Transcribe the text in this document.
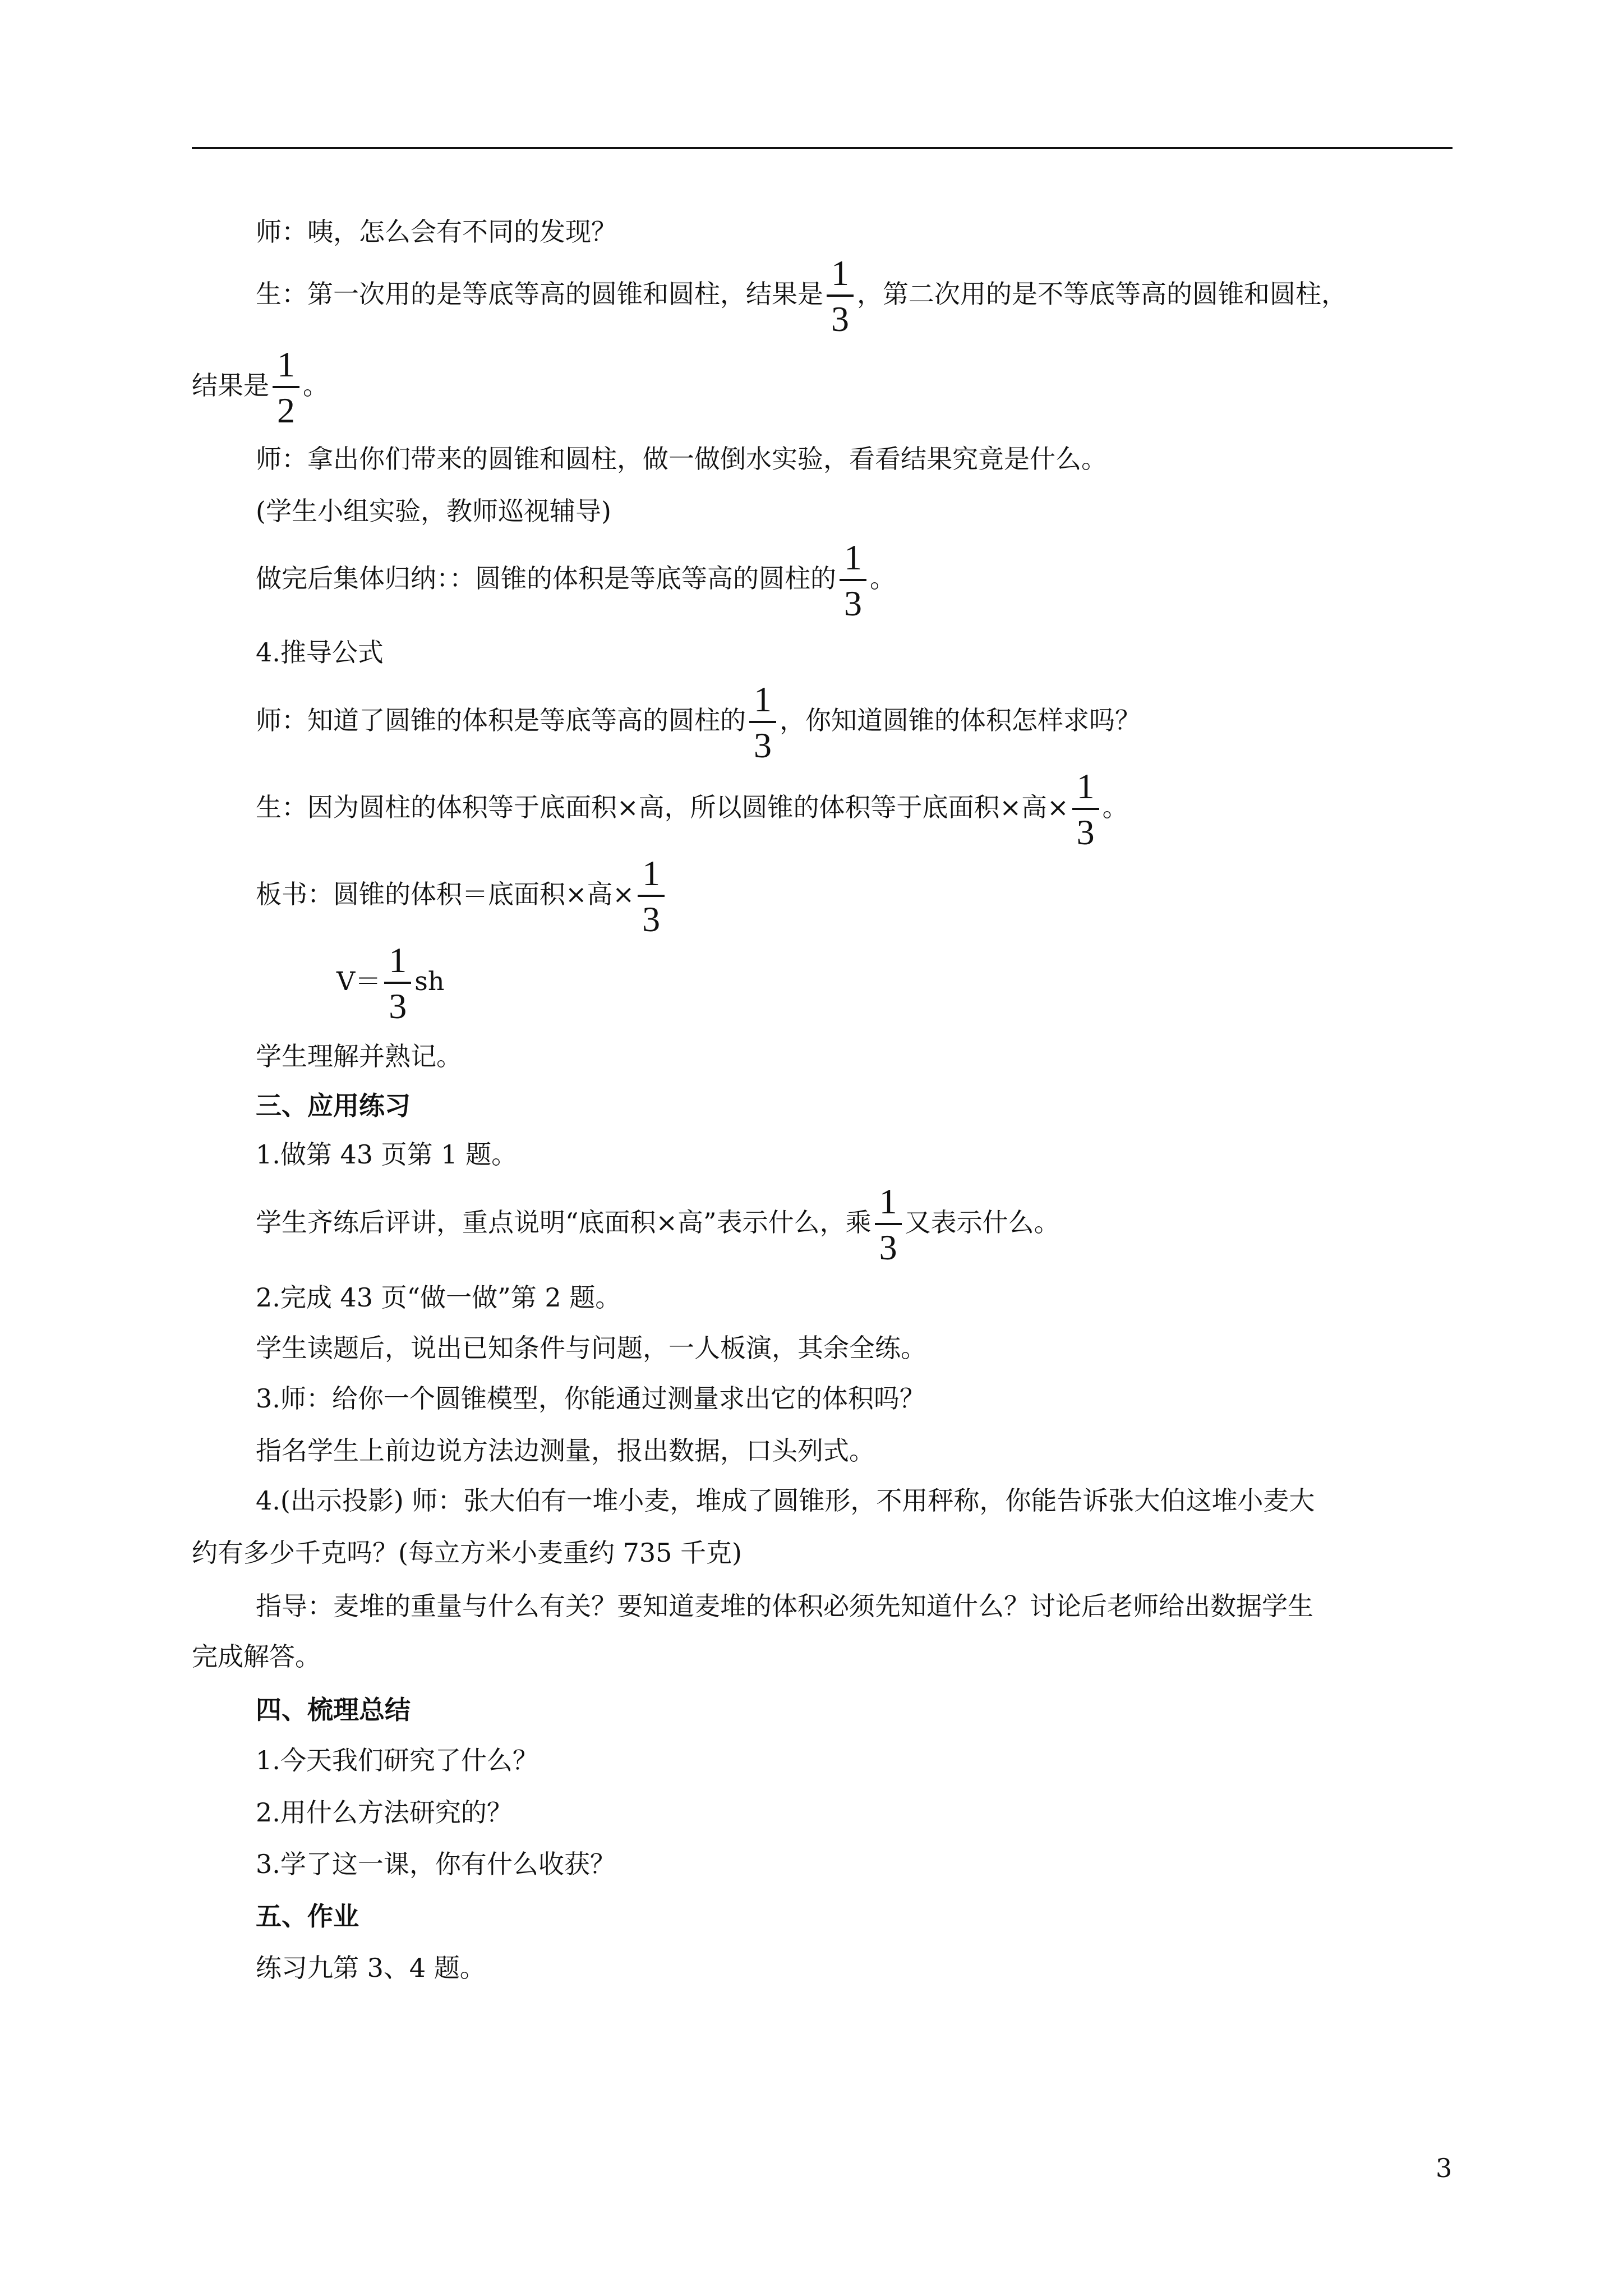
师：咦，怎么会有不同的发现？
生：第一次用的是等底等高的圆锥和圆柱，结果是 $\frac{1}{3}$ ，第二次用的是不等底等高的圆锥和圆柱，
结果是 $\frac{1}{2}$ 。
师：拿出你们带来的圆锥和圆柱，做一做倒水实验，看看结果究竟是什么。
(学生小组实验，教师巡视辅导)
做完后集体归纳：：圆锥的体积是等底等高的圆柱的 $\frac{1}{3}$ 。
4.推导公式
师：知道了圆锥的体积是等底等高的圆柱的 $\frac{1}{3}$ ，你知道圆锥的体积怎样求吗？
生：因为圆柱的体积等于底面积×高，所以圆锥的体积等于底面积×高× $\frac{1}{3}$ 。
板书：圆锥的体积＝底面积×高× $\frac{1}{3}$
$V= \frac{1}{3}$ sh
学生理解并熟记。
三、应用练习
1.做第 43 页第 1 题。
学生齐练后评讲，重点说明“底面积×高”表示什么，乘 $\frac{1}{3}$ 又表示什么。
2.完成 43 页“做一做”第 2 题。
学生读题后，说出已知条件与问题，一人板演，其余全练。
3.师：给你一个圆锥模型，你能通过测量求出它的体积吗？
指名学生上前边说方法边测量，报出数据，口头列式。
4.(出示投影) 师：张大伯有一堆小麦，堆成了圆锥形，不用秤称，你能告诉张大伯这堆小麦大
约有多少千克吗？(每立方米小麦重约 735 千克)
指导：麦堆的重量与什么有关？要知道麦堆的体积必须先知道什么？讨论后老师给出数据学生
完成解答。
四、梳理总结
1.今天我们研究了什么？
2.用什么方法研究的？
3.学了这一课，你有什么收获？
五、作业
练习九第 3、4 题。
3
